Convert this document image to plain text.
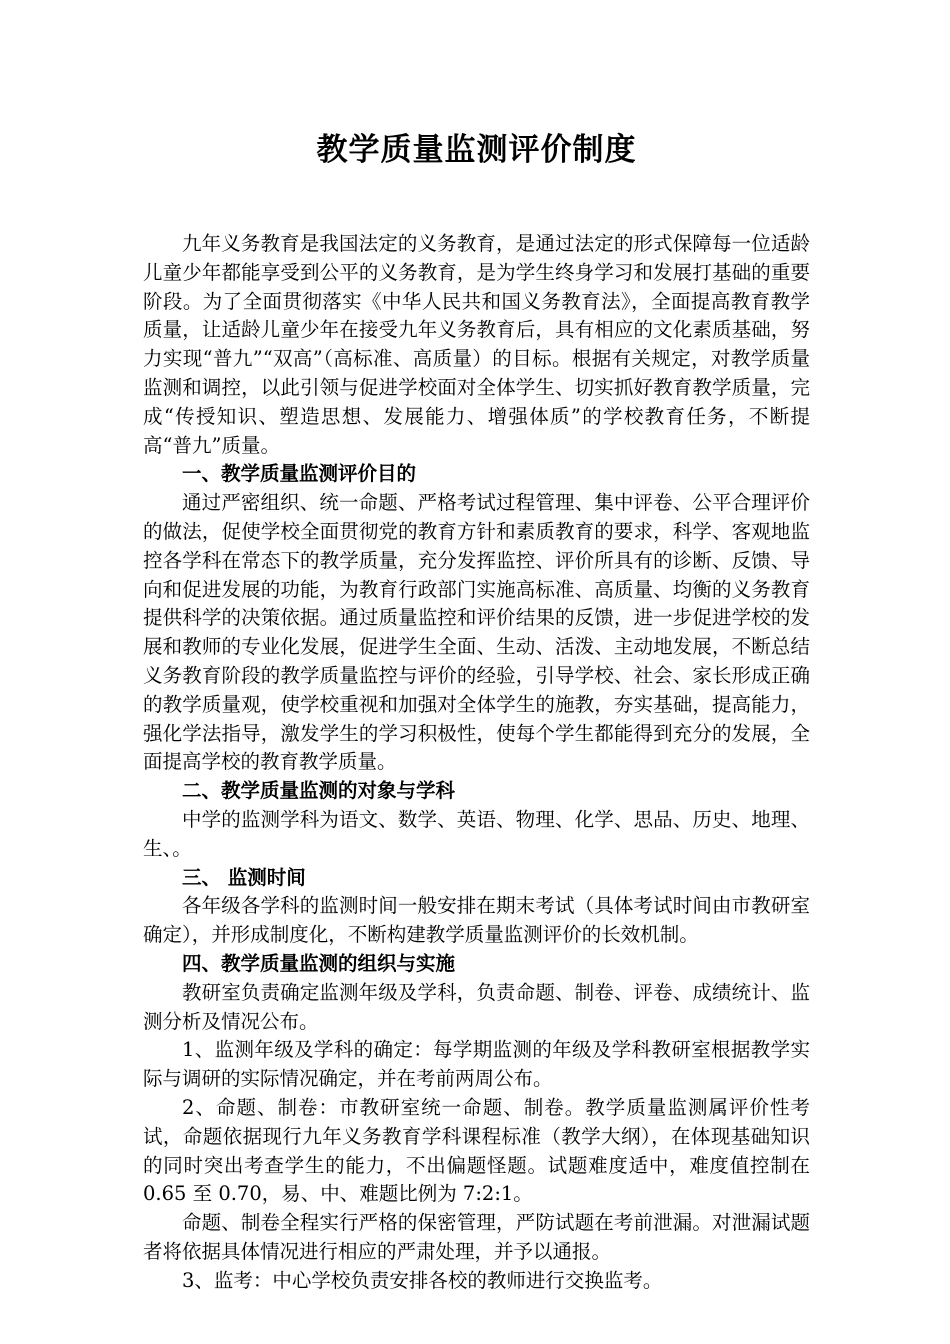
教学质量监测评价制度

九年义务教育是我国法定的义务教育，是通过法定的形式保障每一位适龄儿童少年都能享受到公平的义务教育，是为学生终身学习和发展打基础的重要阶段。为了全面贯彻落实《中华人民共和国义务教育法》，全面提高教育教学质量，让适龄儿童少年在接受九年义务教育后，具有相应的文化素质基础，努力实现“普九”“双高”（高标准、高质量）的目标。根据有关规定，对教学质量监测和调控，以此引领与促进学校面对全体学生、切实抓好教育教学质量，完成“传授知识、塑造思想、发展能力、增强体质”的学校教育任务，不断提高“普九”质量。

一、教学质量监测评价目的

通过严密组织、统一命题、严格考试过程管理、集中评卷、公平合理评价的做法，促使学校全面贯彻党的教育方针和素质教育的要求，科学、客观地监控各学科在常态下的教学质量，充分发挥监控、评价所具有的诊断、反馈、导向和促进发展的功能，为教育行政部门实施高标准、高质量、均衡的义务教育提供科学的决策依据。通过质量监控和评价结果的反馈，进一步促进学校的发展和教师的专业化发展，促进学生全面、生动、活泼、主动地发展，不断总结义务教育阶段的教学质量监控与评价的经验，引导学校、社会、家长形成正确的教学质量观，使学校重视和加强对全体学生的施教，夯实基础，提高能力，强化学法指导，激发学生的学习积极性，使每个学生都能得到充分的发展，全面提高学校的教育教学质量。

二、教学质量监测的对象与学科

中学的监测学科为语文、数学、英语、物理、化学、思品、历史、地理、生、。

三、 监测时间

各年级各学科的监测时间一般安排在期末考试（具体考试时间由市教研室确定），并形成制度化，不断构建教学质量监测评价的长效机制。

四、教学质量监测的组织与实施

教研室负责确定监测年级及学科，负责命题、制卷、评卷、成绩统计、监测分析及情况公布。

1、监测年级及学科的确定：每学期监测的年级及学科教研室根据教学实际与调研的实际情况确定，并在考前两周公布。

2、命题、制卷：市教研室统一命题、制卷。教学质量监测属评价性考试，命题依据现行九年义务教育学科课程标准（教学大纲），在体现基础知识的同时突出考查学生的能力，不出偏题怪题。试题难度适中，难度值控制在 0.65 至 0.70，易、中、难题比例为 7:2:1。

命题、制卷全程实行严格的保密管理，严防试题在考前泄漏。对泄漏试题者将依据具体情况进行相应的严肃处理，并予以通报。

3、监考：中心学校负责安排各校的教师进行交换监考。
